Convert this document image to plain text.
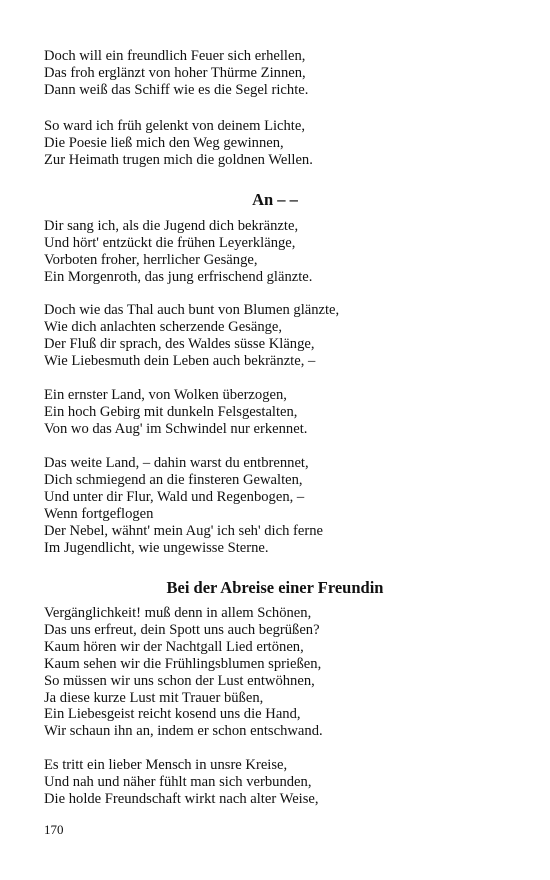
Doch will ein freundlich Feuer sich erhellen,
Das froh erglänzt von hoher Thürme Zinnen,
Dann weiß das Schiff wie es die Segel richte.
So ward ich früh gelenkt von deinem Lichte,
Die Poesie ließ mich den Weg gewinnen,
Zur Heimath trugen mich die goldnen Wellen.
An – –
Dir sang ich, als die Jugend dich bekränzte,
Und hört' entzückt die frühen Leyerklänge,
Vorboten froher, herrlicher Gesänge,
Ein Morgenroth, das jung erfrischend glänzte.
Doch wie das Thal auch bunt von Blumen glänzte,
Wie dich anlachten scherzende Gesänge,
Der Fluß dir sprach, des Waldes süsse Klänge,
Wie Liebesmuth dein Leben auch bekränzte, –
Ein ernster Land, von Wolken überzogen,
Ein hoch Gebirg mit dunkeln Felsgestalten,
Von wo das Aug' im Schwindel nur erkennet.
Das weite Land, – dahin warst du entbrennet,
Dich schmiegend an die finsteren Gewalten,
Und unter dir Flur, Wald und Regenbogen, –
Wenn fortgeflogen
Der Nebel, wähnt' mein Aug' ich seh' dich ferne
Im Jugendlicht, wie ungewisse Sterne.
Bei der Abreise einer Freundin
Vergänglichkeit! muß denn in allem Schönen,
Das uns erfreut, dein Spott uns auch begrüßen?
Kaum hören wir der Nachtgall Lied ertönen,
Kaum sehen wir die Frühlingsblumen sprießen,
So müssen wir uns schon der Lust entwöhnen,
Ja diese kurze Lust mit Trauer büßen,
Ein Liebesgeist reicht kosend uns die Hand,
Wir schaun ihn an, indem er schon entschwand.
Es tritt ein lieber Mensch in unsre Kreise,
Und nah und näher fühlt man sich verbunden,
Die holde Freundschaft wirkt nach alter Weise,
170
